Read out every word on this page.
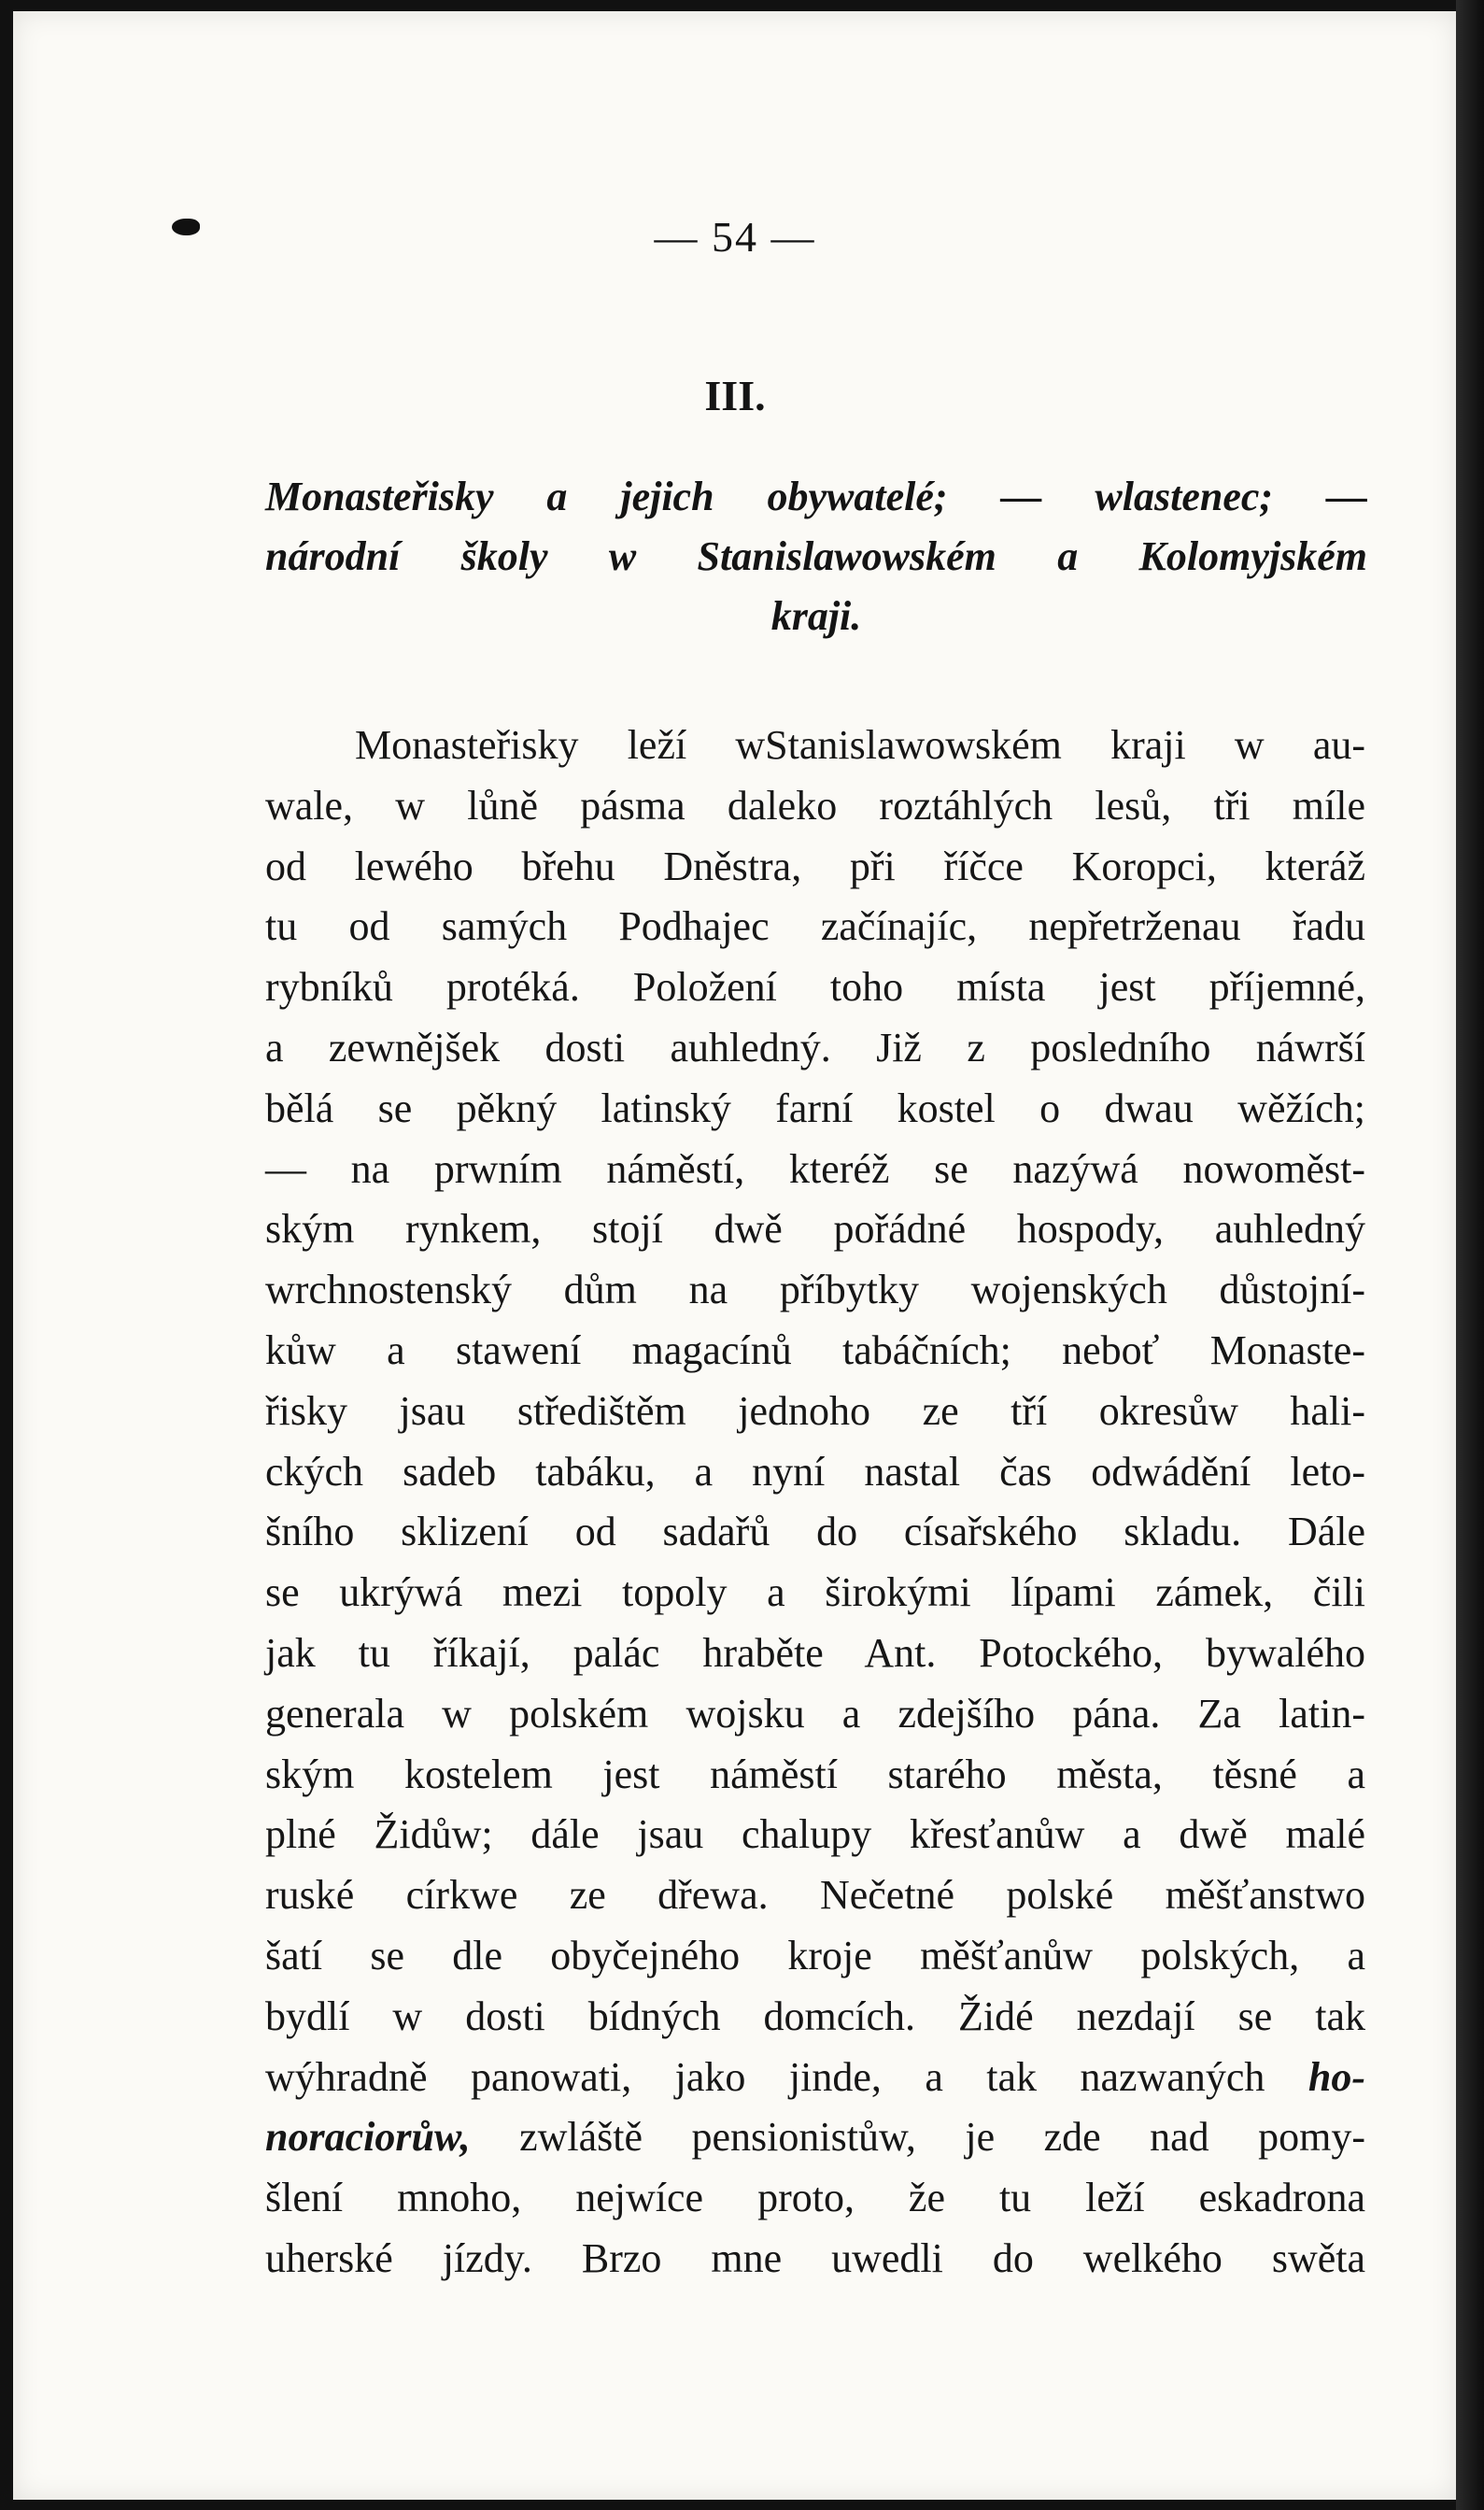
— 54 —
III.
Monasteřisky a jejich obywatelé; — wlastenec; —
národní školy w Stanislawowském a Kolomyjském
kraji.
Monasteřisky leží wStanislawowském kraji w au-
wale, w lůně pásma daleko roztáhlých lesů, tři míle
od lewého břehu Dněstra, při říčce Koropci, kteráž
tu od samých Podhajec začínajíc, nepřetrženau řadu
rybníků protéká. Položení toho místa jest příjemné,
a zewnějšek dosti auhledný. Již z posledního náwrší
bělá se pěkný latinský farní kostel o dwau wěžích;
— na prwním náměstí, kteréž se nazýwá nowoměst-
ským rynkem, stojí dwě pořádné hospody, auhledný
wrchnostenský dům na příbytky wojenských důstojní-
kůw a stawení magacínů tabáčních; neboť Monaste-
řisky jsau středištěm jednoho ze tří okresůw hali-
ckých sadeb tabáku, a nyní nastal čas odwádění leto-
šního sklizení od sadařů do císařského skladu. Dále
se ukrýwá mezi topoly a širokými lípami zámek, čili
jak tu říkají, palác hraběte Ant. Potockého, bywalého
generala w polském wojsku a zdejšího pána. Za latin-
ským kostelem jest náměstí starého města, těsné a
plné Židůw; dále jsau chalupy křesťanůw a dwě malé
ruské církwe ze dřewa. Nečetné polské měšťanstwo
šatí se dle obyčejného kroje měšťanůw polských, a
bydlí w dosti bídných domcích. Židé nezdají se tak
wýhradně panowati, jako jinde, a tak nazwaných ho-
noraciorůw, zwláště pensionistůw, je zde nad pomy-
šlení mnoho, nejwíce proto, že tu leží eskadrona
uherské jízdy. Brzo mne uwedli do welkého swěta
